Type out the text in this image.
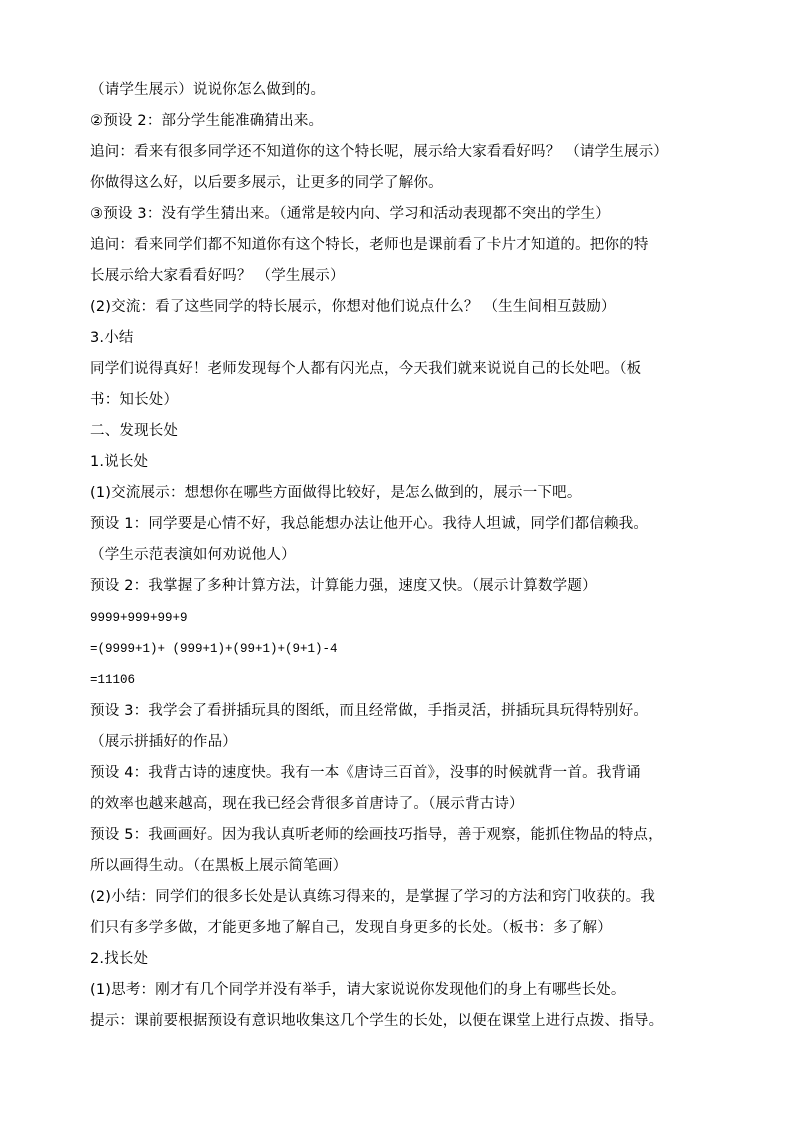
（请学生展示）说说你怎么做到的。
②预设 2：部分学生能准确猜出来。
追问：看来有很多同学还不知道你的这个特长呢，展示给大家看看好吗？ （请学生展示）
你做得这么好，以后要多展示，让更多的同学了解你。
③预设 3：没有学生猜出来。（通常是较内向、学习和活动表现都不突出的学生）
追问：看来同学们都不知道你有这个特长，老师也是课前看了卡片才知道的。把你的特
长展示给大家看看好吗？ （学生展示）
(2)交流：看了这些同学的特长展示，你想对他们说点什么？ （生生间相互鼓励）
3.小结
同学们说得真好！老师发现每个人都有闪光点，今天我们就来说说自己的长处吧。（板
书：知长处）
二、发现长处
1.说长处
(1)交流展示：想想你在哪些方面做得比较好，是怎么做到的，展示一下吧。
预设 1：同学要是心情不好，我总能想办法让他开心。我待人坦诚，同学们都信赖我。
（学生示范表演如何劝说他人）
预设 2：我掌握了多种计算方法，计算能力强，速度又快。（展示计算数学题）
9999+999+99+9
=(9999+1)+ (999+1)+(99+1)+(9+1)-4
=11106
预设 3：我学会了看拼插玩具的图纸，而且经常做，手指灵活，拼插玩具玩得特别好。
（展示拼插好的作品）
预设 4：我背古诗的速度快。我有一本《唐诗三百首》，没事的时候就背一首。我背诵
的效率也越来越高，现在我已经会背很多首唐诗了。（展示背古诗）
预设 5：我画画好。因为我认真听老师的绘画技巧指导，善于观察，能抓住物品的特点，
所以画得生动。（在黑板上展示简笔画）
(2)小结：同学们的很多长处是认真练习得来的，是掌握了学习的方法和窍门收获的。我
们只有多学多做，才能更多地了解自己，发现自身更多的长处。（板书：多了解）
2.找长处
(1)思考：刚才有几个同学并没有举手，请大家说说你发现他们的身上有哪些长处。
提示：课前要根据预设有意识地收集这几个学生的长处，以便在课堂上进行点拨、指导。
